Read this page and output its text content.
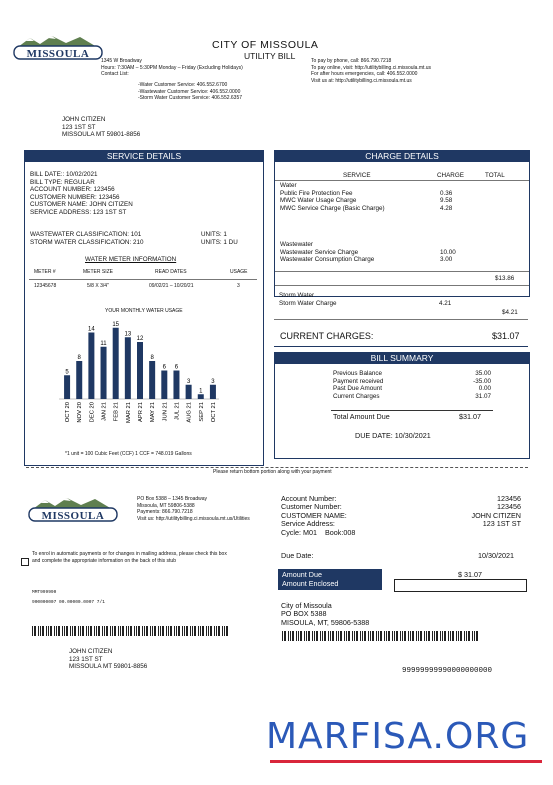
MISSOULA
CITY OF MISSOULA
UTILITY BILL
1345 W Broadway
Hours: 7:30AM – 5:30PM Monday – Friday (Excluding Holidays)
Contact List:
-Water Customer Service: 406.552.6700
-Wastewater Customer Service: 406.552.0000
-Storm Water Customer Service: 406.552.6357
To pay by phone, call: 866.790.7218
To pay online, visit: http://utilitybilling.ci.missoula.mt.us
For after hours emergencies, call: 406.552.0000
Visit us at: http://utilitybilling.ci.missoula.mt.us
JOHN CITIZEN
123 1ST ST
MISSOULA MT 59801-8856
SERVICE DETAILS
BILL DATE:: 10/02/2021
BILL TYPE: REGULAR
ACCOUNT NUMBER: 123456
CUSTOMER NUMBER: 123456
CUSTOMER NAME: JOHN CITIZEN
SERVICE ADDRESS: 123 1ST ST
WASTEWATER CLASSIFICATION: 101	UNITS: 1
STORM WATER CLASSIFICATION: 210	UNITS: 1 DU
WATER METER INFORMATION
METER #	METER SIZE	READ DATES	USAGE
12345678	5/8 X 3/4"	09/02/21 – 10/20/21	3
YOUR MONTHLY WATER USAGE
5
OCT 20
8
NOV 20
14
DEC 20
11
JAN 21
15
FEB 21
13
MAR 21
12
APR 21
8
MAY 21
6
JUN 21
6
JUL 21
3
AUG 21
1
SEP 21
3
OCT 21
*1 unit = 100 Cubic Feet (CCF) 1 CCF = 748.019 Gallons
CHARGE DETAILS
SERVICE	CHARGE	TOTAL
Water
Public Fire Protection Fee	0.36
MWC Water Usage Charge	9.58
MWC Service Charge (Basic Charge)	4.28
Wastewater
Wastewater Service Charge	10.00
Wastewater Consumption Charge	3.00
$13.86
Storm Water
Storm Water Charge	4.21
$4.21
CURRENT CHARGES:	$31.07
BILL SUMMARY
Previous Balance	35.00
Payment received	-35.00
Past Due Amount	0.00
Current Charges	31.07
Total Amount Due	$31.07
DUE DATE: 10/30/2021
Please return bottom portion along with your payment
MISSOULA
PO Box 5388 – 1345 Broadway
Missoula, MT 59806-5388
Payments: 866.790.7218
Visit us: http://utilitybilling.ci.missoula.mt.us/Utilities
To enrol in automatic payments or for changes in mailing address, please check this box and complete the appropriate information on the back of this stub
MMT999990
900000007 00.00000.0007 7/1
JOHN CITIZEN
123 1ST ST
MISSOULA MT 59801-8856
Account Number:	123456
Customer Number:	123456
CUSTOMER NAME:	JOHN CITIZEN
Service Address:	123 1ST ST
Cycle: M01 Book:008
Due Date:	10/30/2021
Amount Due
Amount Enclosed
$ 31.07
City of Missoula
PO BOX 5388
MISOULA, MT, 59806-5388
99999999990000000000
MARFISA.ORG
